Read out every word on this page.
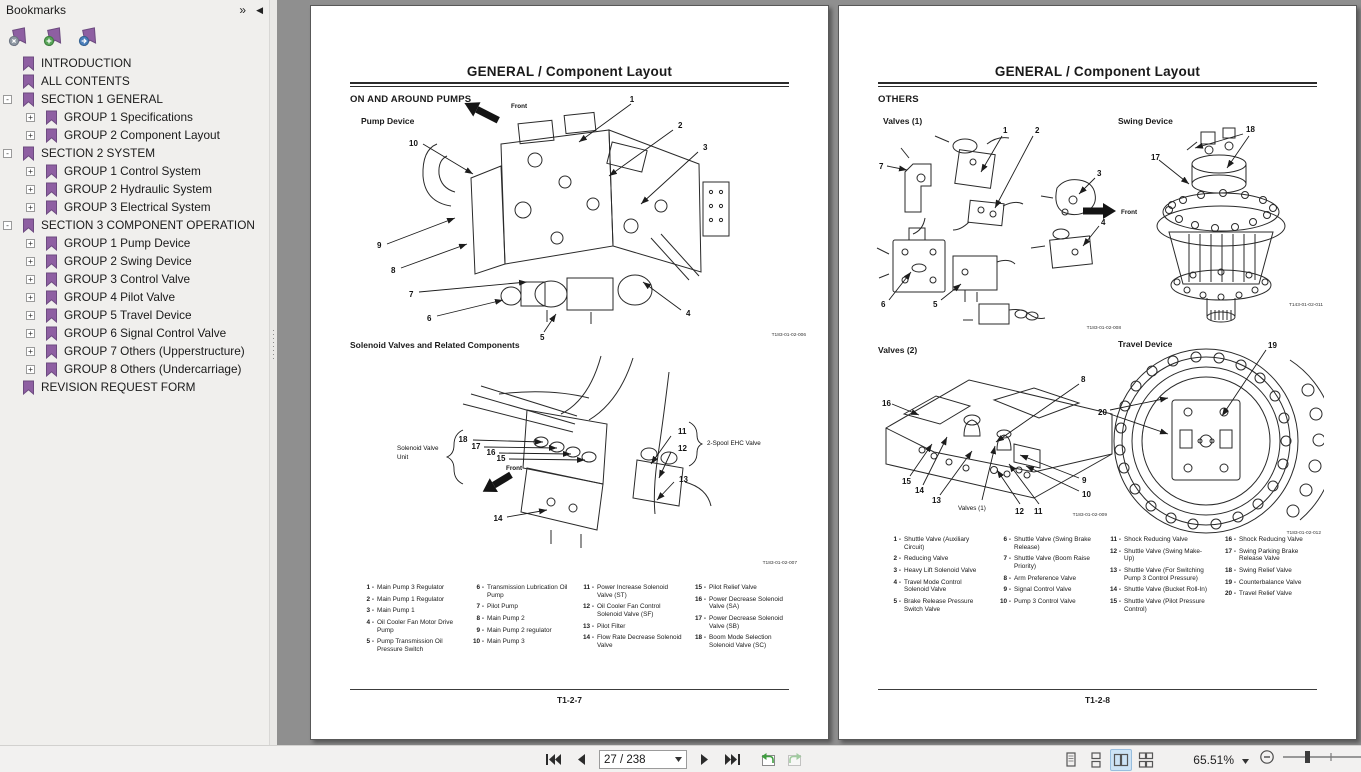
Bookmarks	» ◀
INTRODUCTION
ALL CONTENTS
-
SECTION 1 GENERAL
+
GROUP 1 Specifications
+
GROUP 2 Component Layout
-
SECTION 2 SYSTEM
+
GROUP 1 Control System
+
GROUP 2 Hydraulic System
+
GROUP 3 Electrical System
-
SECTION 3 COMPONENT OPERATION
+
GROUP 1 Pump Device
+
GROUP 2 Swing Device
+
GROUP 3 Control Valve
+
GROUP 4 Pilot Valve
+
GROUP 5 Travel Device
+
GROUP 6 Signal Control Valve
+
GROUP 7 Others (Upperstructure)
+
GROUP 8 Others (Undercarriage)
REVISION REQUEST FORM
GENERAL / Component Layout
ON AND AROUND PUMPS
Pump Device
Front
1
2
3
4
5
6
7
8
9
10
T183-01-02-006
Solenoid Valves and Related Components
Solenoid Valve
Unit
18
17
16
15
Front
14
11
12
2-Spool EHC Valve
13
T183-01-02-007
1 - Main Pump 3 Regulator
2 - Main Pump 1 Regulator
3 - Main Pump 1
4 - Oil Cooler Fan Motor Drive Pump
5 - Pump Transmission Oil Pressure Switch
6 - Transmission Lubrication Oil Pump
7 - Pilot Pump
8 - Main Pump 2
9 - Main Pump 2 regulator
10 - Main Pump 3
11 - Power Increase Solenoid Valve (ST)
12 - Oil Cooler Fan Control Solenoid Valve (SF)
13 - Pilot Filter
14 - Flow Rate Decrease Solenoid Valve
15 - Pilot Relief Valve
16 - Power Decrease Solenoid Valve (SA)
17 - Power Decrease Solenoid Valve (SB)
18 - Boom Mode Selection Solenoid Valve (SC)
T1-2-7
GENERAL / Component Layout
OTHERS
Valves (1)	Swing Device
Front
7
1	2
3
4
6	5
T183-01-02-008
17
18
T143-01-02-011
Valves (2)
Travel Device
16
8
15
14
13
Valves (1)	12 11
9
10
T183-01-02-009
19
20
T183-01-02-012
1 - Shuttle Valve (Auxiliary Circuit)
2 - Reducing Valve
3 - Heavy Lift Solenoid Valve
4 - Travel Mode Control Solenoid Valve
5 - Brake Release Pressure Switch Valve
6 - Shuttle Valve (Swing Brake Release)
7 - Shuttle Valve (Boom Raise Priority)
8 - Arm Preference Valve
9 - Signal Control Valve
10 - Pump 3 Control Valve
11 - Shock Reducing Valve
12 - Shuttle Valve (Swing Make-Up)
13 - Shuttle Valve (For Switching Pump 3 Control Pressure)
14 - Shuttle Valve (Bucket Roll-In)
15 - Shuttle Valve (Pilot Pressure Control)
16 - Shock Reducing Valve
17 - Swing Parking Brake Release Valve
18 - Swing Relief Valve
19 - Counterbalance Valve
20 - Travel Relief Valve
T1-2-8
27 / 238	65.51%
